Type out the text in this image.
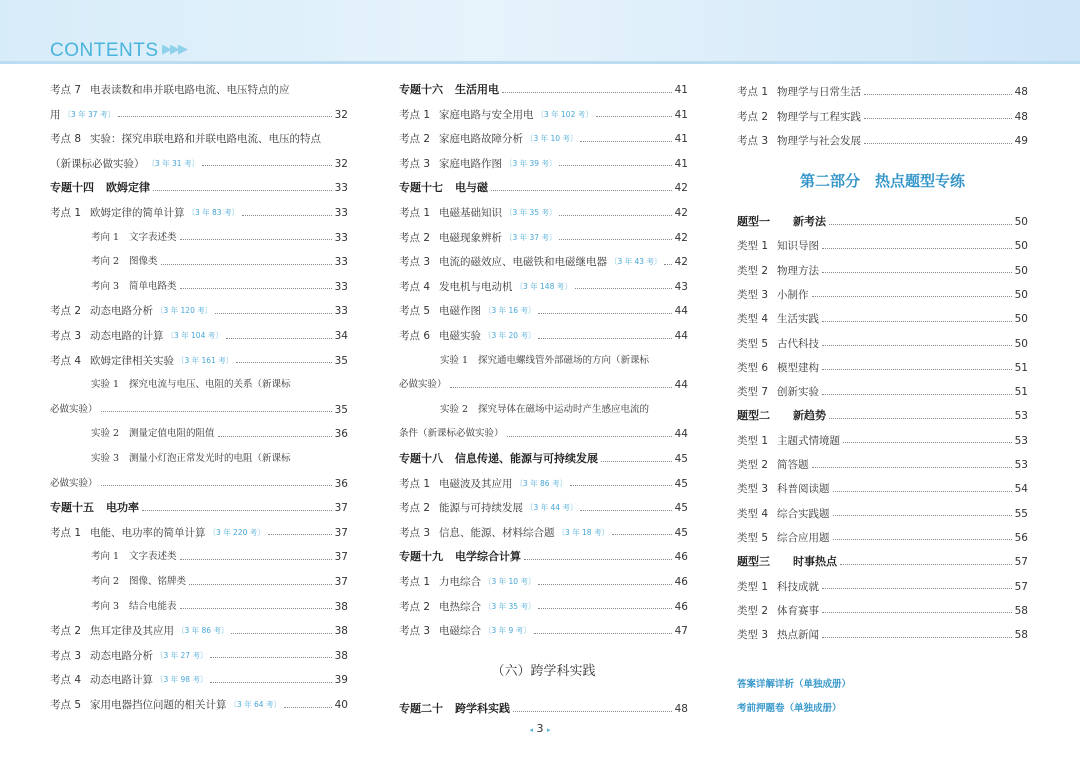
CONTENTS ▶▶▶
考点 7 电表读数和串并联电路电流、电压特点的应
用 〔3 年 37 考〕	32
考点 8 实验：探究串联电路和并联电路电流、电压的特点
（新课标必做实验） 〔3 年 31 考〕	32
专题十四	欧姆定律	33
考点 1 欧姆定律的简单计算 〔3 年 83 考〕	33
考向 1	文字表述类	33
考向 2	图像类	33
考向 3	简单电路类	33
考点 2 动态电路分析 〔3 年 120 考〕	33
考点 3 动态电路的计算 〔3 年 104 考〕	34
考点 4 欧姆定律相关实验 〔3 年 161 考〕	35
实验 1	探究电流与电压、电阻的关系（新课标
必做实验）	35
实验 2	测量定值电阻的阻值	36
实验 3	测量小灯泡正常发光时的电阻（新课标
必做实验）	36
专题十五	电功率	37
考点 1 电能、电功率的简单计算 〔3 年 220 考〕	37
考向 1	文字表述类	37
考向 2	图像、铭牌类	37
考向 3	结合电能表	38
考点 2 焦耳定律及其应用 〔3 年 86 考〕	38
考点 3 动态电路分析 〔3 年 27 考〕	38
考点 4 动态电路计算 〔3 年 98 考〕	39
考点 5 家用电器挡位问题的相关计算 〔3 年 64 考〕	40
（六）跨学科实践
专题十六	生活用电	41
考点 1 家庭电路与安全用电 〔3 年 102 考〕	41
考点 2 家庭电路故障分析 〔3 年 10 考〕	41
考点 3 家庭电路作图 〔3 年 39 考〕	41
专题十七	电与磁	42
考点 1 电磁基础知识 〔3 年 35 考〕	42
考点 2 电磁现象辨析 〔3 年 37 考〕	42
考点 3 电流的磁效应、电磁铁和电磁继电器 〔3 年 43 考〕 42
考点 4 发电机与电动机 〔3 年 148 考〕	43
考点 5 电磁作图 〔3 年 16 考〕	44
考点 6 电磁实验 〔3 年 20 考〕	44
实验 1	探究通电螺线管外部磁场的方向（新课标
必做实验）	44
实验 2	探究导体在磁场中运动时产生感应电流的
条件（新课标必做实验）	44
专题十八	信息传递、能源与可持续发展	45
考点 1 电磁波及其应用 〔3 年 86 考〕	45
考点 2 能源与可持续发展 〔3 年 44 考〕	45
考点 3 信息、能源、材料综合题 〔3 年 18 考〕	45
专题十九	电学综合计算	46
考点 1 力电综合 〔3 年 10 考〕	46
考点 2 电热综合 〔3 年 35 考〕	46
考点 3 电磁综合 〔3 年 9 考〕	47
专题二十	跨学科实践	48
第二部分　热点题型专练
答案详解详析（单独成册）
考前押题卷（单独成册）
考点 1 物理学与日常生活	48
考点 2 物理学与工程实践	48
考点 3 物理学与社会发展	49
题型一	新考法	50
类型 1 知识导图	50
类型 2 物理方法	50
类型 3 小制作	50
类型 4 生活实践	50
类型 5 古代科技	50
类型 6 模型建构	51
类型 7 创新实验	51
题型二	新趋势	53
类型 1 主题式情境题	53
类型 2 简答题	53
类型 3 科普阅读题	54
类型 4 综合实践题	55
类型 5 综合应用题	56
题型三	时事热点	57
类型 1 科技成就	57
类型 2 体育赛事	58
类型 3 热点新闻	58
◂ 3 ▸
